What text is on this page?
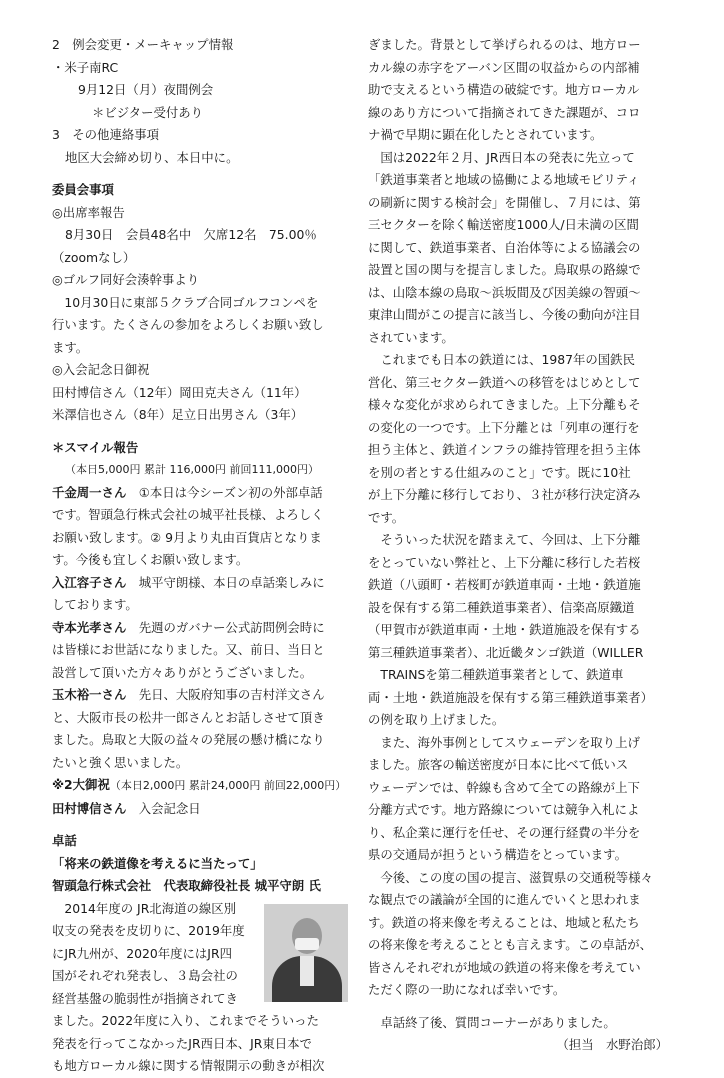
2　例会変更・メーキャップ情報

・米子南RC

9月12日（月）夜間例会

＊ビジター受付あり

3　その他連絡事項

地区大会締め切り、本日中に。

委員会事項

◎出席率報告

8月30日　会員48名中　欠席12名　75.00％

（zoomなし）

◎ゴルフ同好会湊幹事より

10月30日に東部５クラブ合同ゴルフコンペを

行います。たくさんの参加をよろしくお願い致し

ます。

◎入会記念日御祝

田村博信さん（12年）岡田克夫さん（11年）

米澤信也さん（8年）足立日出男さん（3年）

＊スマイル報告

（本日5,000円 累計 116,000円 前回111,000円）

千金周一さん　 ①本日は今シーズン初の外部卓話

です。智頭急行株式会社の城平社長様、よろしく

お願い致します。② 9月より丸由百貨店となりま

す。今後も宜しくお願い致します。

入江容子さん　 城平守朗様、本日の卓話楽しみに

しております。

寺本光孝さん　 先週のガバナー公式訪問例会時に

は皆様にお世話になりました。又、前日、当日と

設営して頂いた方々ありがとうございました。

玉木裕一さん　 先日、大阪府知事の吉村洋文さん

と、大阪市長の松井一郎さんとお話しさせて頂き

ました。鳥取と大阪の益々の発展の懸け橋になり

たいと強く思いました。

※2大御祝（本日2,000円 累計24,000円 前回22,000円）

田村博信さん　 入会記念日

卓話

「将来の鉄道像を考えるに当たって」

智頭急行株式会社　代表取締役社長 城平守朗 氏

2014年度の JR北海道の線区別

収支の発表を皮切りに、2019年度

にJR九州が、2020年度にはJR四

国がそれぞれ発表し、３島会社の

経営基盤の脆弱性が指摘されてき

ました。2022年度に入り、これまでそういった

発表を行ってこなかったJR西日本、JR東日本で

も地方ローカル線に関する情報開示の動きが相次

ぎました。背景として挙げられるのは、地方ロー

カル線の赤字をアーバン区間の収益からの内部補

助で支えるという構造の破綻です。地方ローカル

線のあり方について指摘されてきた課題が、コロ

ナ禍で早期に顕在化したとされています。

国は2022年２月、JR西日本の発表に先立って

「鉄道事業者と地域の協働による地域モビリティ

の刷新に関する検討会」を開催し、７月には、第

三セクターを除く輸送密度1000人/日未満の区間

に関して、鉄道事業者、自治体等による協議会の

設置と国の関与を提言しました。鳥取県の路線で

は、山陰本線の鳥取～浜坂間及び因美線の智頭～

東津山間がこの提言に該当し、今後の動向が注目

されています。

これまでも日本の鉄道には、1987年の国鉄民

営化、第三セクター鉄道への移管をはじめとして

様々な変化が求められてきました。上下分離もそ

の変化の一つです。上下分離とは「列車の運行を

担う主体と、鉄道インフラの維持管理を担う主体

を別の者とする仕組みのこと」です。既に10社

が上下分離に移行しており、３社が移行決定済み

です。

そういった状況を踏まえて、今回は、上下分離

をとっていない弊社と、上下分離に移行した若桜

鉄道（八頭町・若桜町が鉄道車両・土地・鉄道施

設を保有する第二種鉄道事業者）、信楽高原鐵道

（甲賀市が鉄道車両・土地・鉄道施設を保有する

第三種鉄道事業者）、北近畿タンゴ鉄道（WILLER

TRAINSを第二種鉄道事業者として、鉄道車

両・土地・鉄道施設を保有する第三種鉄道事業者）

の例を取り上げました。

また、海外事例としてスウェーデンを取り上げ

ました。旅客の輸送密度が日本に比べて低いス

ウェーデンでは、幹線も含めて全ての路線が上下

分離方式です。地方路線については競争入札によ

り、私企業に運行を任せ、その運行経費の半分を

県の交通局が担うという構造をとっています。

今後、この度の国の提言、滋賀県の交通税等様々

な観点での議論が全国的に進んでいくと思われま

す。鉄道の将来像を考えることは、地域と私たち

の将来像を考えることとも言えます。この卓話が、

皆さんそれぞれが地域の鉄道の将来像を考えてい

ただく際の一助になれば幸いです。

卓話終了後、質問コーナーがありました。

（担当　水野治郎）
